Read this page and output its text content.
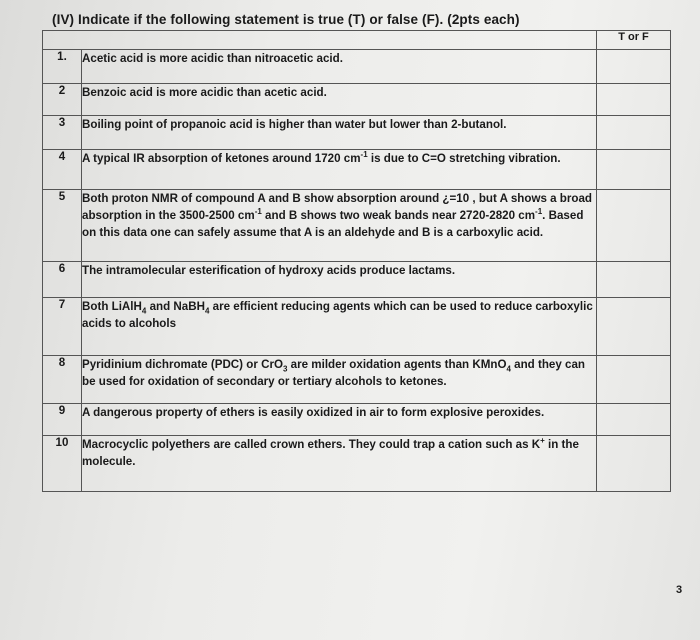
(IV) Indicate if the following statement is true (T) or false (F). (2pts each)
		T or F
1.	Acetic acid is more acidic than nitroacetic acid.	
2	Benzoic acid is more acidic than acetic acid.	
3	Boiling point of propanoic acid is higher than water but lower than 2-butanol.	
4	A typical IR absorption of ketones around 1720 $cm^{-1}$ is due to C=O stretching vibration.	
5	Both proton NMR of compound A and B show absorption around ¿=10 , but A shows a broad absorption in the 3500-2500 $cm^{-1}$ and B shows two weak bands near 2720-2820 $cm^{-1}$. Based on this data one can safely assume that A is an aldehyde and B is a carboxylic acid.	
6	The intramolecular esterification of hydroxy acids produce lactams.	
7	Both LiAlH$_4$ and NaBH$_4$ are efficient reducing agents which can be used to reduce carboxylic acids to alcohols	
8	Pyridinium dichromate (PDC) or CrO$_3$ are milder oxidation agents than KMnO$_4$ and they can be used for oxidation of secondary or tertiary alcohols to ketones.	
9	A dangerous property of ethers is easily oxidized in air to form explosive peroxides.	
10	Macrocyclic polyethers are called crown ethers. They could trap a cation such as K+ in the molecule.	
3
